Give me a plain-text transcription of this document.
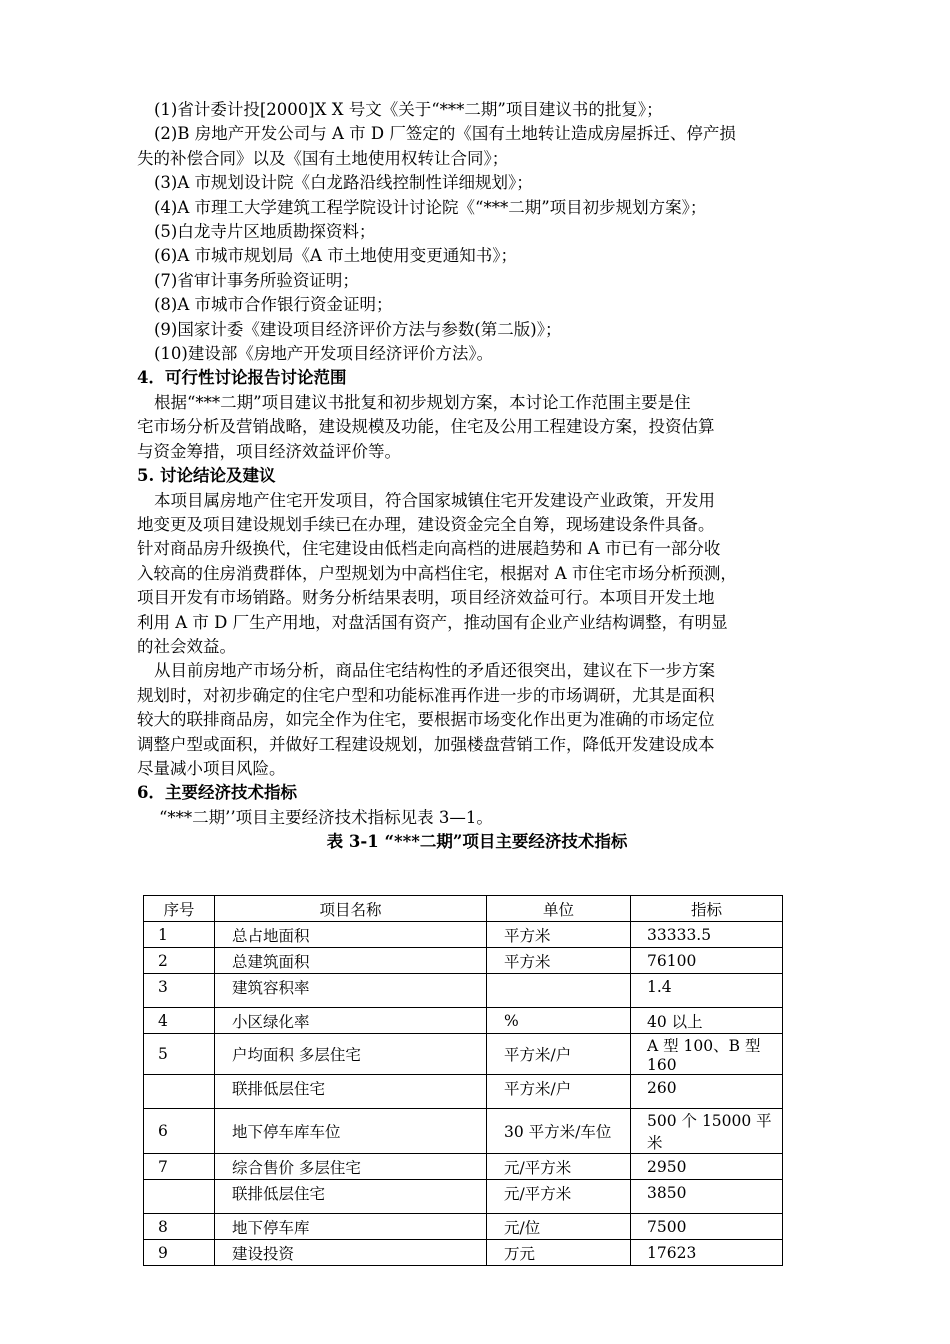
(1)省计委计投[2000]X X 号文《关于“***二期”项目建议书的批复》；
(2)B 房地产开发公司与 A 市 D 厂签定的《国有土地转让造成房屋拆迁、停产损
失的补偿合同》以及《国有土地使用权转让合同》；
(3)A 市规划设计院《白龙路沿线控制性详细规划》；
(4)A 市理工大学建筑工程学院设计讨论院《“***二期”项目初步规划方案》；
(5)白龙寺片区地质勘探资料；
(6)A 市城市规划局《A 市土地使用变更通知书》；
(7)省审计事务所验资证明；
(8)A 市城市合作银行资金证明；
(9)国家计委《建设项目经济评价方法与参数(第二版)》；
(10)建设部《房地产开发项目经济评价方法》。
4．可行性讨论报告讨论范围
根据“***二期”项目建议书批复和初步规划方案，本讨论工作范围主要是住
宅市场分析及营销战略，建设规模及功能，住宅及公用工程建设方案，投资估算
与资金筹措，项目经济效益评价等。
5. 讨论结论及建议
本项目属房地产住宅开发项目，符合国家城镇住宅开发建设产业政策，开发用
地变更及项目建设规划手续已在办理，建设资金完全自筹，现场建设条件具备。
针对商品房升级换代，住宅建设由低档走向高档的进展趋势和 A 市已有一部分收
入较高的住房消费群体，户型规划为中高档住宅，根据对 A 市住宅市场分析预测，
项目开发有市场销路。财务分析结果表明，项目经济效益可行。本项目开发土地
利用 A 市 D 厂生产用地，对盘活国有资产，推动国有企业产业结构调整，有明显
的社会效益。
从目前房地产市场分析，商品住宅结构性的矛盾还很突出，建议在下一步方案
规划时，对初步确定的住宅户型和功能标准再作进一步的市场调研，尤其是面积
较大的联排商品房，如完全作为住宅，要根据市场变化作出更为准确的市场定位
调整户型或面积，并做好工程建设规划，加强楼盘营销工作，降低开发建设成本
尽量减小项目风险。
6．主要经济技术指标
“***二期’’项目主要经济技术指标见表 3—1。
表 3-1 “***二期”项目主要经济技术指标
序号	项目名称	单位	指标
1	总占地面积	平方米	33333.5
2	总建筑面积	平方米	76100
3	建筑容积率		1.4
4	小区绿化率	%	40 以上
5	户均面积 多层住宅	平方米/户	A 型 100、B 型 160
	联排低层住宅	平方米/户	260
6	地下停车库车位	30 平方米/车位	500 个 15000 平米
7	综合售价 多层住宅	元/平方米	2950
	联排低层住宅	元/平方米	3850
8	地下停车库	元/位	7500
9	建设投资	万元	17623
